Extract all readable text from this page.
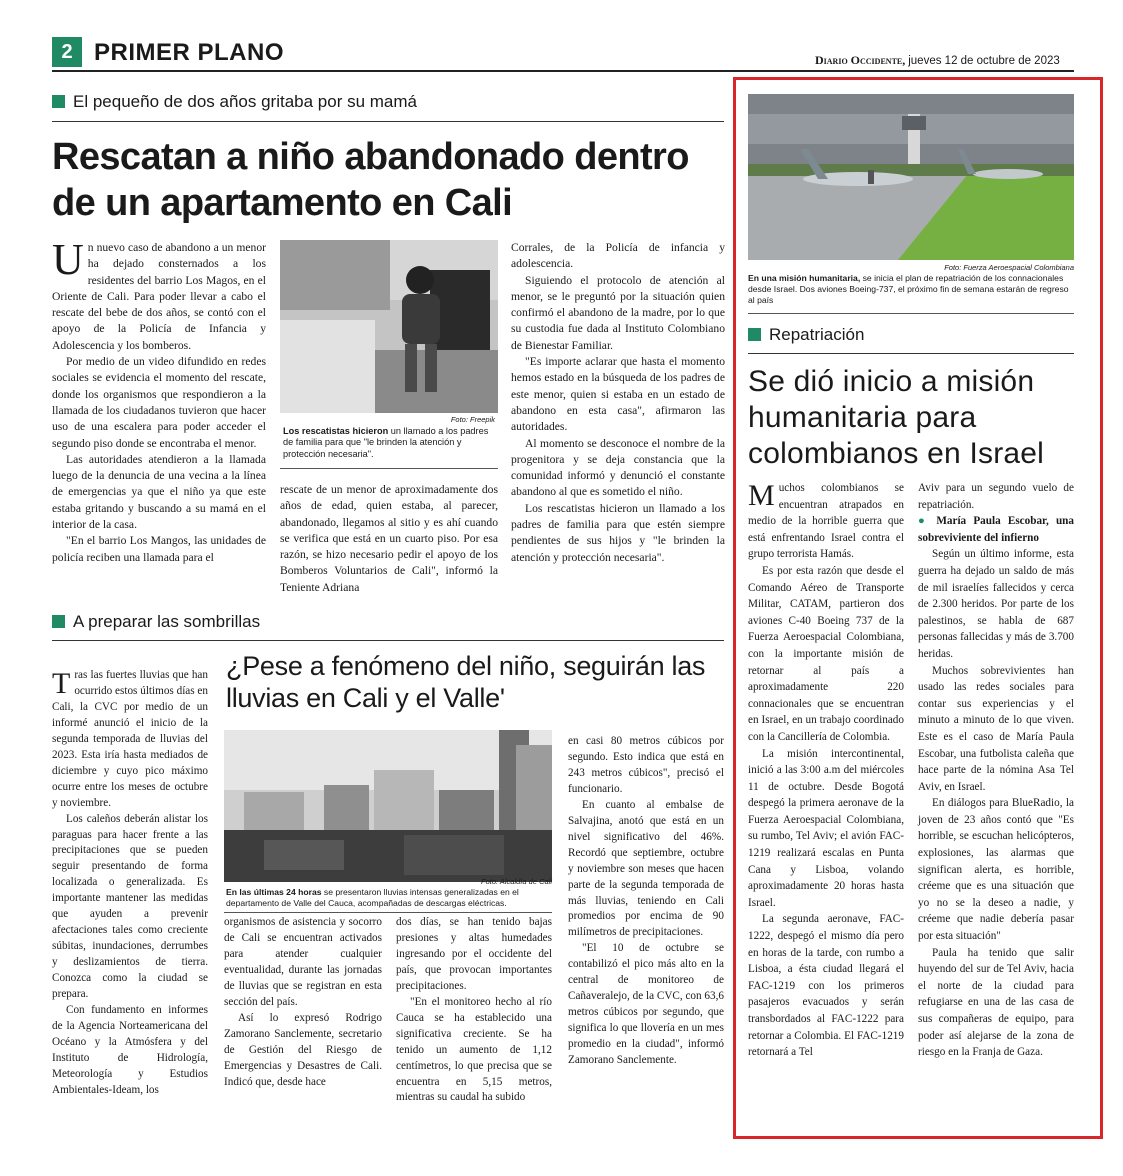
2 PRIMER PLANO	Diario Occidente, jueves 12 de octubre de 2023
El pequeño de dos años gritaba por su mamá
Rescatan a niño abandonado dentro de un apartamento en Cali

Un nuevo caso de abandono a un menor ha dejado consternados a los residentes del barrio Los Magos, en el Oriente de Cali. Para poder llevar a cabo el rescate del bebe de dos años, se contó con el apoyo de la Policía de Infancia y Adolescencia y los bomberos.

Por medio de un video difundido en redes sociales se evidencia el momento del rescate, donde los organismos que respondieron a la llamada de los ciudadanos tuvieron que hacer uso de una escalera para poder acceder el segundo piso donde se encontraba el menor.

Las autoridades atendieron a la llamada luego de la denuncia de una vecina a la línea de emergencias ya que el niño ya que este estaba gritando y buscando a su mamá en el interior de la casa.

"En el barrio Los Mangos, las unidades de policía reciben una llamada para el

Foto: Freepik
Los rescatistas hicieron un llamado a los padres de familia para que "le brinden la atención y protección necesaria".

rescate de un menor de aproximadamente dos años de edad, quien estaba, al parecer, abandonado, llegamos al sitio y es ahí cuando se verifica que está en un cuarto piso. Por esa razón, se hizo necesario pedir el apoyo de los Bomberos Voluntarios de Cali", informó la Teniente Adriana

Corrales, de la Policía de infancia y adolescencia.

Siguiendo el protocolo de atención al menor, se le preguntó por la situación quien confirmó el abandono de la madre, por lo que su custodia fue dada al Instituto Colombiano de Bienestar Familiar.

"Es importe aclarar que hasta el momento hemos estado en la búsqueda de los padres de este menor, quien si estaba en un estado de abandono en esta casa", afirmaron las autoridades.

Al momento se desconoce el nombre de la progenitora y se deja constancia que la comunidad informó y denunció el constante abandono al que es sometido el niño.

Los rescatistas hicieron un llamado a los padres de familia para que estén siempre pendientes de sus hijos y "le brinden la atención y protección necesaria".

A preparar las sombrillas
¿Pese a fenómeno del niño, seguirán las lluvias en Cali y el Valle'

Tras las fuertes lluvias que han ocurrido estos últimos días en Cali, la CVC por medio de un informé anunció el inicio de la segunda temporada de lluvias del 2023. Esta iría hasta mediados de diciembre y cuyo pico máximo ocurre entre los meses de octubre y noviembre.

Los caleños deberán alistar los paraguas para hacer frente a las precipitaciones que se pueden seguir presentando de forma localizada o generalizada. Es importante mantener las medidas que ayuden a prevenir afectaciones tales como creciente súbitas, inundaciones, derrumbes y deslizamientos de tierra. Conozca como la ciudad se prepara.

Con fundamento en informes de la Agencia Norteamericana del Océano y la Atmósfera y del Instituto de Hidrología, Meteorología y Estudios Ambientales-Ideam, los

Foto: Alcaldía de Cali
En las últimas 24 horas se presentaron lluvias intensas generalizadas en el departamento de Valle del Cauca, acompañadas de descargas eléctricas.

organismos de asistencia y socorro de Cali se encuentran activados para atender cualquier eventualidad, durante las jornadas de lluvias que se registran en esta sección del país.

Así lo expresó Rodrigo Zamorano Sanclemente, secretario de Gestión del Riesgo de Emergencias y Desastres de Cali. Indicó que, desde hace

dos días, se han tenido bajas presiones y altas humedades ingresando por el occidente del país, que provocan importantes precipitaciones.

"En el monitoreo hecho al río Cauca se ha establecido una significativa creciente. Se ha tenido un aumento de 1,12 centímetros, lo que precisa que se encuentra en 5,15 metros, mientras su caudal ha subido

en casi 80 metros cúbicos por segundo. Esto indica que está en 243 metros cúbicos", precisó el funcionario.

En cuanto al embalse de Salvajina, anotó que está en un nivel significativo del 46%. Recordó que septiembre, octubre y noviembre son meses que hacen parte de la segunda temporada de más lluvias, teniendo en Cali promedios por encima de 90 milímetros de precipitaciones.

"El 10 de octubre se contabilizó el pico más alto en la central de monitoreo de Cañaveralejo, de la CVC, con 63,6 metros cúbicos por segundo, que significa lo que llovería en un mes promedio en la ciudad", informó Zamorano Sanclemente.

Foto: Fuerza Aeroespacial Colombiana
En una misión humanitaria, se inicia el plan de repatriación de los connacionales desde Israel. Dos aviones Boeing-737, el próximo fin de semana estarán de regreso al país
Repatriación
Se dió inicio a misión humanitaria para colombianos en Israel

Muchos colombianos se encuentran atrapados en medio de la horrible guerra que está enfrentando Israel contra el grupo terrorista Hamás.

Es por esta razón que desde el Comando Aéreo de Transporte Militar, CATAM, partieron dos aviones C-40 Boeing 737 de la Fuerza Aeroespacial Colombiana, con la importante misión de retornar al país a aproximadamente 220 connacionales que se encuentran en Israel, en un trabajo coordinado con la Cancillería de Colombia.

La misión intercontinental, inició a las 3:00 a.m del miércoles 11 de octubre. Desde Bogotá despegó la primera aeronave de la Fuerza Aeroespacial Colombiana, su rumbo, Tel Aviv; el avión FAC-1219 realizará escalas en Punta Cana y Lisboa, volando aproximadamente 20 horas hasta Israel.

La segunda aeronave, FAC-1222, despegó el mismo día pero en horas de la tarde, con rumbo a Lisboa, a ésta ciudad llegará el FAC-1219 con los primeros pasajeros evacuados y serán transbordados al FAC-1222 para retornar a Colombia. El FAC-1219 retornará a Tel

Aviv para un segundo vuelo de repatriación.

● María Paula Escobar, una sobreviviente del infierno

Según un último informe, esta guerra ha dejado un saldo de más de mil israelíes fallecidos y cerca de 2.300 heridos. Por parte de los palestinos, se habla de 687 personas fallecidas y más de 3.700 heridas.

Muchos sobrevivientes han usado las redes sociales para contar sus experiencias y el minuto a minuto de lo que viven. Este es el caso de María Paula Escobar, una futbolista caleña que hace parte de la nómina Asa Tel Aviv, en Israel.

En diálogos para BlueRadio, la joven de 23 años contó que "Es horrible, se escuchan helicópteros, explosiones, las alarmas que significan alerta, es horrible, créeme que es una situación que yo no se la deseo a nadie, y créeme que nadie debería pasar por esta situación"

Paula ha tenido que salir huyendo del sur de Tel Aviv, hacia el norte de la ciudad para refugiarse en una de las casa de sus compañeras de equipo, para poder así alejarse de la zona de riesgo en la Franja de Gaza.
